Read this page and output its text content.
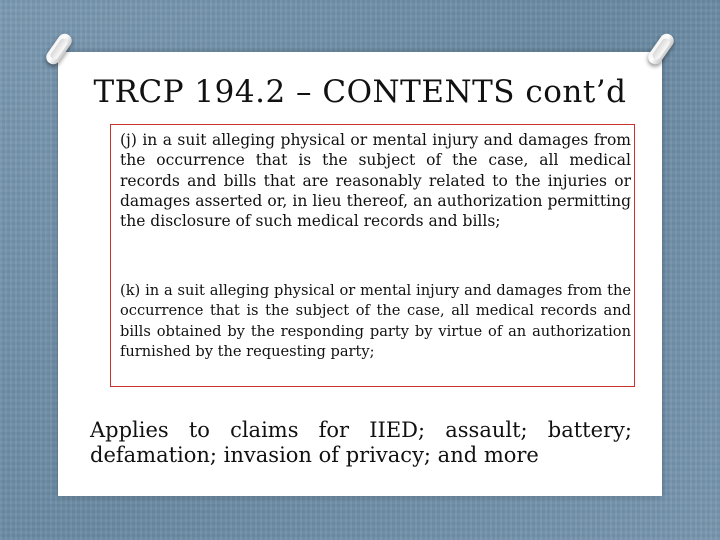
TRCP 194.2 – CONTENTS cont’d

(j) in a suit alleging physical or mental injury and damages from the occurrence that is the subject of the case, all medical records and bills that are reasonably related to the injuries or damages asserted or, in lieu thereof, an authorization permitting the disclosure of such medical records and bills;

(k) in a suit alleging physical or mental injury and damages from the occurrence that is the subject of the case, all medical records and bills obtained by the responding party by virtue of an authorization furnished by the requesting party;

Applies to claims for IIED; assault; battery; defamation; invasion of privacy; and more
